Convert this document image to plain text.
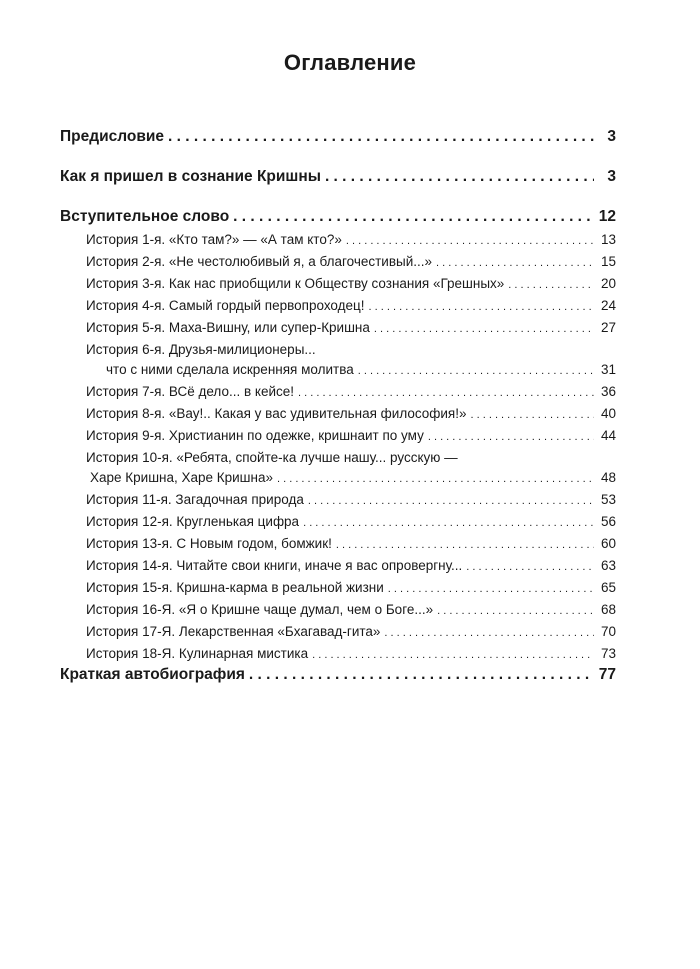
Оглавление
Предисловие . . .	3
Как я пришел в сознание Кришны . . .	3
Вступительное слово . . .	12
История 1-я. «Кто там?» — «А там кто?» . . .	13
История 2-я. «Не честолюбивый я, а благочестивый...» . . .	15
История 3-я. Как нас приобщили к Обществу сознания «Грешных» . . .	20
История 4-я. Самый гордый первопроходец! . . .	24
История 5-я. Маха-Вишну, или супер-Кришна . . .	27
История 6-я. Друзья-милиционеры...
что с ними сделала искренняя молитва . . .	31
История 7-я. ВСё дело... в кейсе! . . .	36
История 8-я. «Вау!.. Какая у вас удивительная философия!» . . .	40
История 9-я. Христианин по одежке, кришнаит по уму . . .	44
История 10-я. «Ребята, спойте-ка лучше нашу... русскую —
Харе Кришна, Харе Кришна» . . .	48
История 11-я. Загадочная природа . . .	53
История 12-я. Кругленькая цифра . . .	56
История 13-я. С Новым годом, бомжик! . . .	60
История 14-я. Читайте свои книги, иначе я вас опровергну... . . .	63
История 15-я. Кришна-карма в реальной жизни . . .	65
История 16-Я. «Я о Кришне чаще думал, чем о Боге...» . . .	68
История 17-Я. Лекарственная «Бхагавад-гита» . . .	70
История 18-Я. Кулинарная мистика . . .	73
Краткая автобиография . . .	77
